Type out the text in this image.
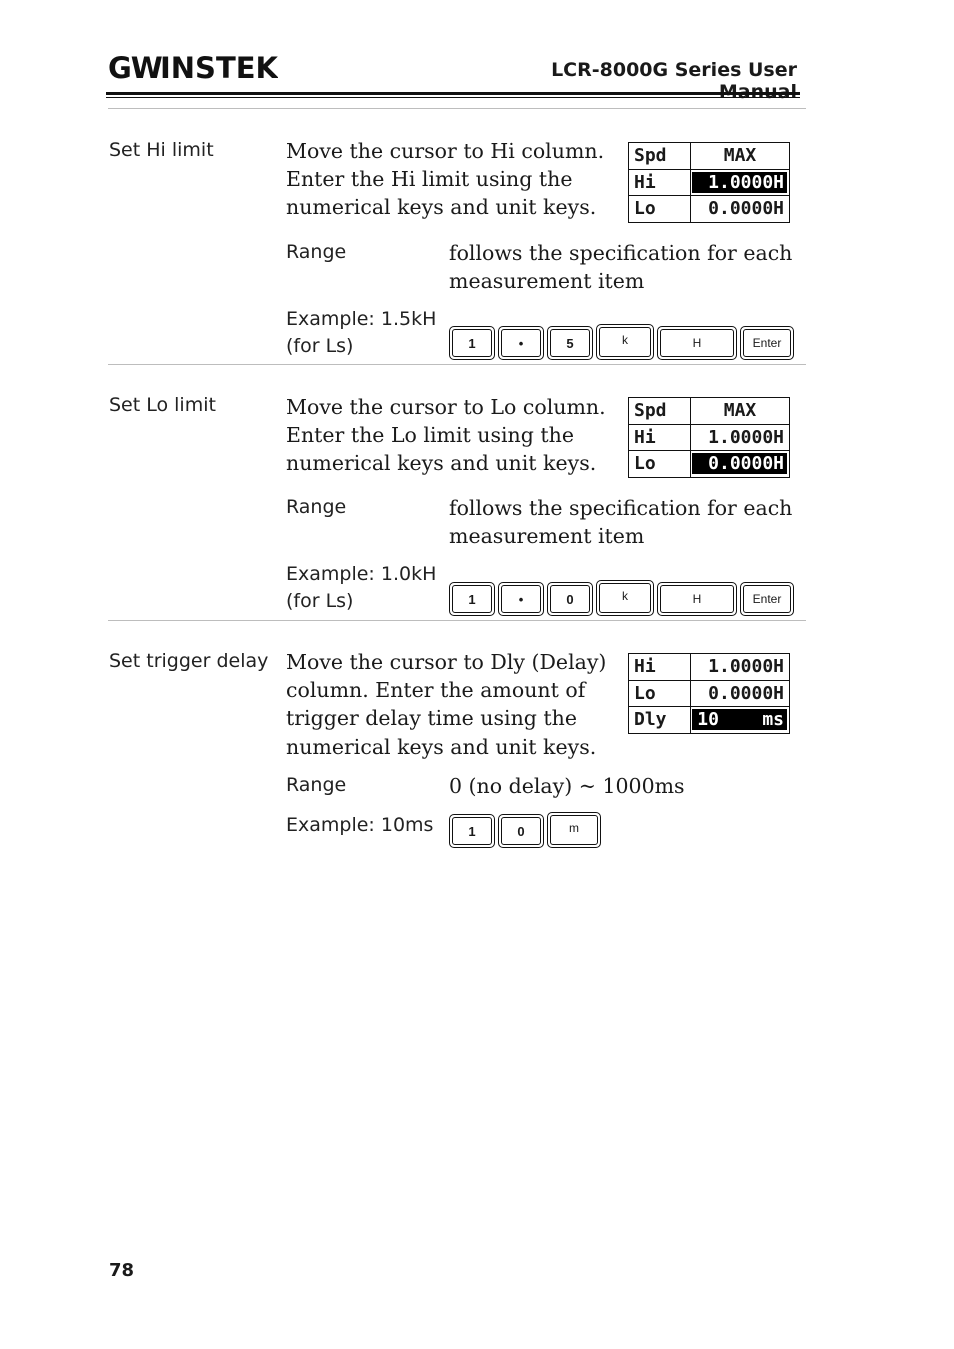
GW
INSTEK	LCR-8000G Series User
Set Hi limit	Move the cursor to Hi column.
Enter the Hi limit using the
numerical keys and unit keys.
Spd	MAX
Hi	1.0000H

Lo	0.0000H
Range	follows the specification for each
measurement item
Example: 1.5kH
(for Ls)	1	•	5	k	H	Enter
Set Lo limit	Move the cursor to Lo column.
Enter the Lo limit using the
numerical keys and unit keys.
Spd	MAX
Hi	1.0000H
Lo	0.0000H
Range	follows the specification for each
measurement item
Example: 1.0kH
(for Ls)	1	•	0	k	H	Enter
Set trigger delay Move the cursor to Dly (Delay)
column. Enter the amount of
trigger delay time using the
numerical keys and unit keys.
Hi	1.0000H
Lo	0.0000H
Dly	10    ms
Range	0 (no delay) ~ 1000ms
Example: 10ms	1	0	m
78
